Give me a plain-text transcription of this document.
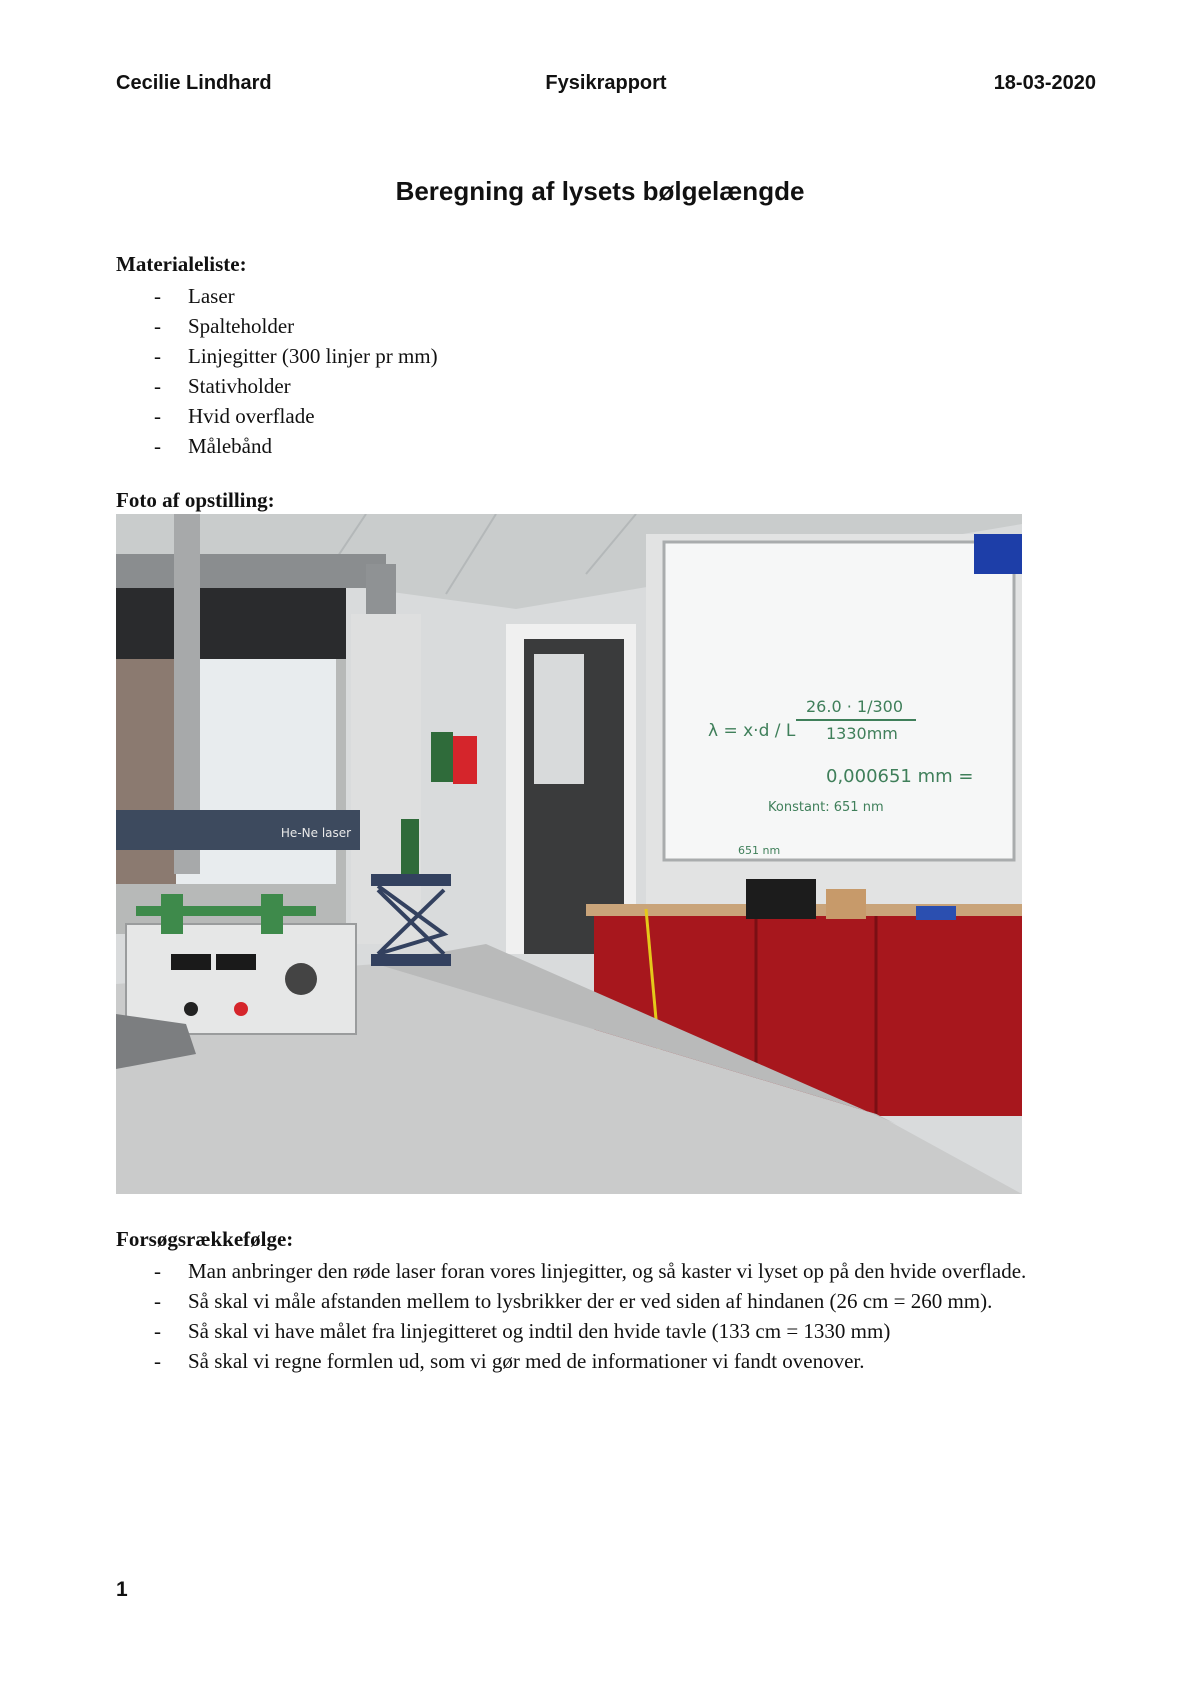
Cecilie Lindhard	Fysikrapport	18-03-2020
Beregning af lysets bølgelængde
Materialeliste:
- Laser
- Spalteholder
- Linjegitter (300 linjer pr mm)
- Stativholder
- Hvid overflade
- Målebånd
Foto af opstilling:
λ = x·d / L
26.0 · 1/300
1330mm
0,000651 mm =
Konstant: 651 nm
651 nm
He-Ne laser
Forsøgsrækkefølge:
- Man anbringer den røde laser foran vores linjegitter, og så kaster vi lyset op på den hvide overflade.
- Så skal vi måle afstanden mellem to lysbrikker der er ved siden af hindanen (26 cm = 260 mm).
- Så skal vi have målet fra linjegitteret og indtil den hvide tavle (133 cm = 1330 mm)
- Så skal vi regne formlen ud, som vi gør med de informationer vi fandt ovenover.
1
